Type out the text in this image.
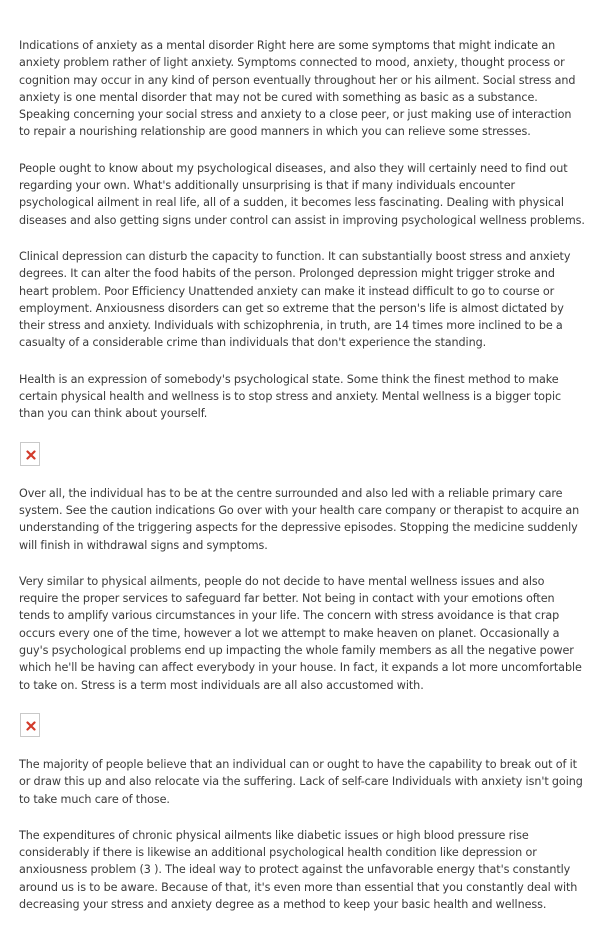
Indications of anxiety as a mental disorder Right here are some symptoms that might indicate an anxiety problem rather of light anxiety. Symptoms connected to mood, anxiety, thought process or cognition may occur in any kind of person eventually throughout her or his ailment. Social stress and anxiety is one mental disorder that may not be cured with something as basic as a substance. Speaking concerning your social stress and anxiety to a close peer, or just making use of interaction to repair a nourishing relationship are good manners in which you can relieve some stresses.

People ought to know about my psychological diseases, and also they will certainly need to find out regarding your own. What's additionally unsurprising is that if many individuals encounter psychological ailment in real life, all of a sudden, it becomes less fascinating. Dealing with physical diseases and also getting signs under control can assist in improving psychological wellness problems.

Clinical depression can disturb the capacity to function. It can substantially boost stress and anxiety degrees. It can alter the food habits of the person. Prolonged depression might trigger stroke and heart problem. Poor Efficiency Unattended anxiety can make it instead difficult to go to course or employment. Anxiousness disorders can get so extreme that the person's life is almost dictated by their stress and anxiety. Individuals with schizophrenia, in truth, are 14 times more inclined to be a casualty of a considerable crime than individuals that don't experience the standing.

Health is an expression of somebody's psychological state. Some think the finest method to make certain physical health and wellness is to stop stress and anxiety. Mental wellness is a bigger topic than you can think about yourself.

Over all, the individual has to be at the centre surrounded and also led with a reliable primary care system. See the caution indications Go over with your health care company or therapist to acquire an understanding of the triggering aspects for the depressive episodes. Stopping the medicine suddenly will finish in withdrawal signs and symptoms.

Very similar to physical ailments, people do not decide to have mental wellness issues and also require the proper services to safeguard far better. Not being in contact with your emotions often tends to amplify various circumstances in your life. The concern with stress avoidance is that crap occurs every one of the time, however a lot we attempt to make heaven on planet. Occasionally a guy's psychological problems end up impacting the whole family members as all the negative power which he'll be having can affect everybody in your house. In fact, it expands a lot more uncomfortable to take on. Stress is a term most individuals are all also accustomed with.

The majority of people believe that an individual can or ought to have the capability to break out of it or draw this up and also relocate via the suffering. Lack of self-care Individuals with anxiety isn't going to take much care of those.

The expenditures of chronic physical ailments like diabetic issues or high blood pressure rise considerably if there is likewise an additional psychological health condition like depression or anxiousness problem (3 ). The ideal way to protect against the unfavorable energy that's constantly around us is to be aware. Because of that, it's even more than essential that you constantly deal with decreasing your stress and anxiety degree as a method to keep your basic health and wellness.
